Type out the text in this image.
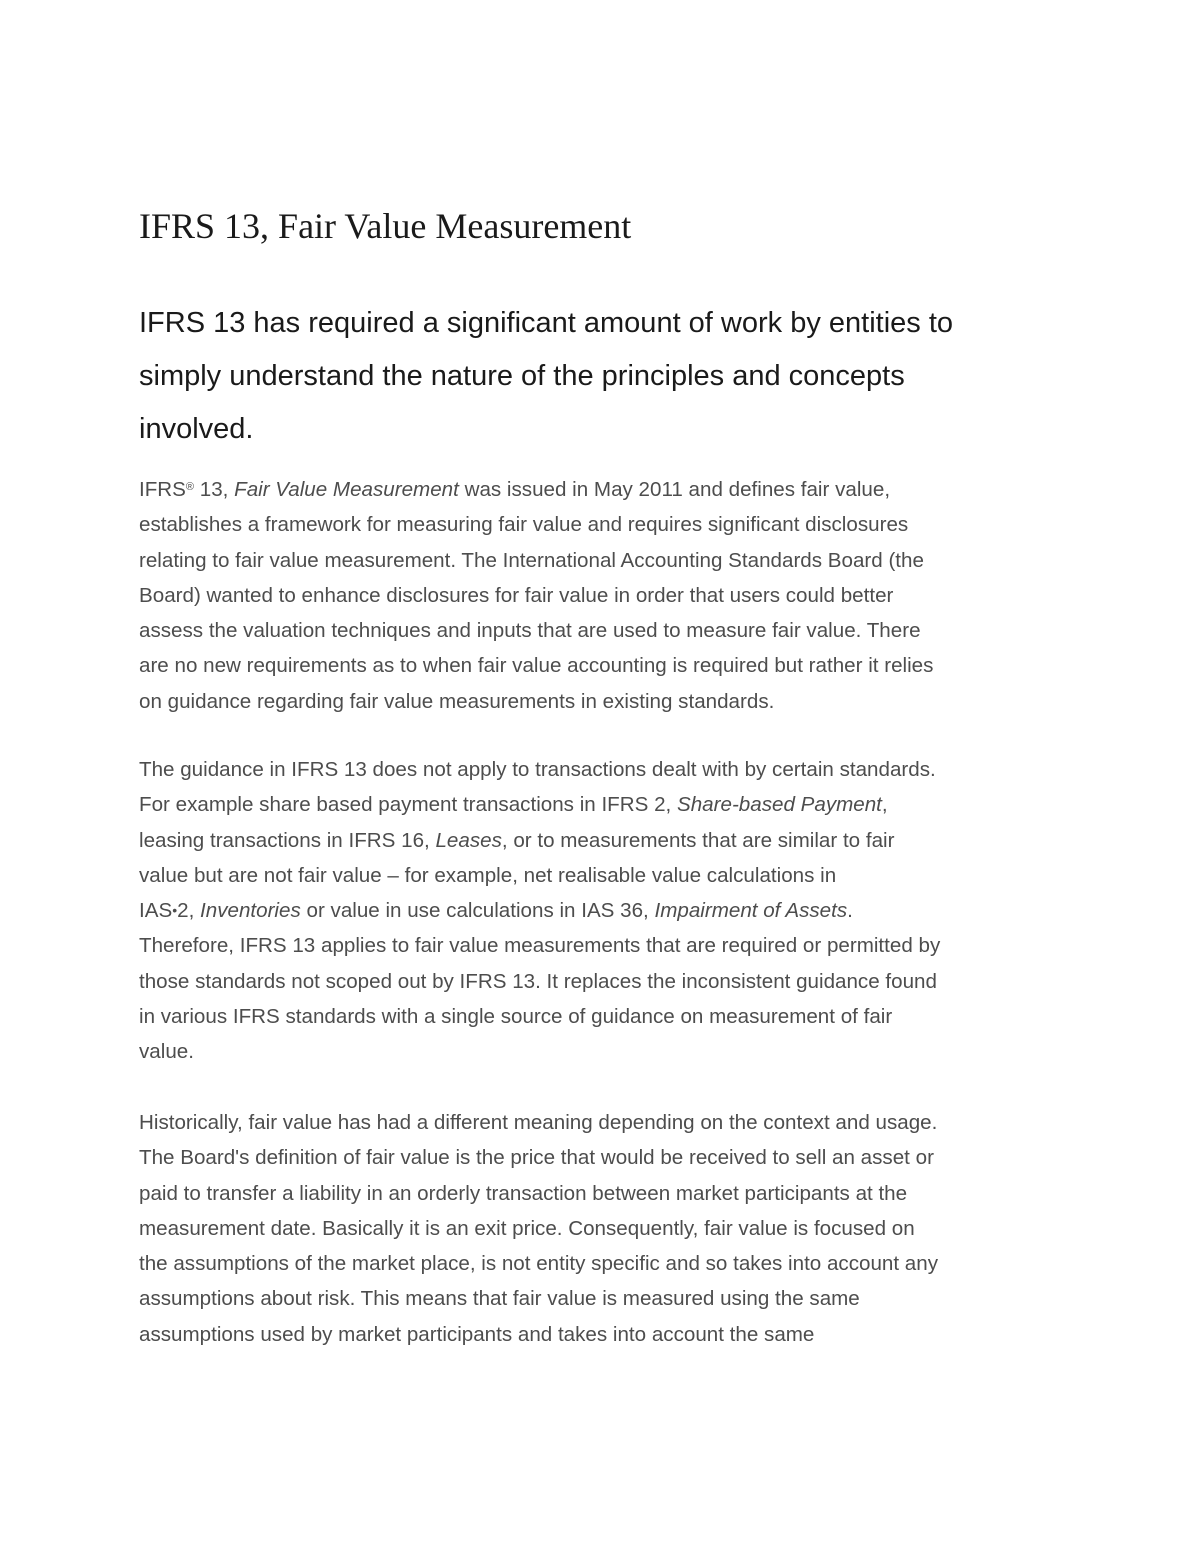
IFRS 13, Fair Value Measurement
IFRS 13 has required a significant amount of work by entities to
simply understand the nature of the principles and concepts
involved.

IFRS® 13, Fair Value Measurement was issued in May 2011 and defines fair value,
establishes a framework for measuring fair value and requires significant disclosures
relating to fair value measurement. The International Accounting Standards Board (the
Board) wanted to enhance disclosures for fair value in order that users could better
assess the valuation techniques and inputs that are used to measure fair value. There
are no new requirements as to when fair value accounting is required but rather it relies
on guidance regarding fair value measurements in existing standards.

The guidance in IFRS 13 does not apply to transactions dealt with by certain standards.
For example share based payment transactions in IFRS 2, Share-based Payment,
leasing transactions in IFRS 16, Leases, or to measurements that are similar to fair
value but are not fair value – for example, net realisable value calculations in
IAS•2, Inventories or value in use calculations in IAS 36, Impairment of Assets.
Therefore, IFRS 13 applies to fair value measurements that are required or permitted by
those standards not scoped out by IFRS 13. It replaces the inconsistent guidance found
in various IFRS standards with a single source of guidance on measurement of fair
value.

Historically, fair value has had a different meaning depending on the context and usage.
The Board's definition of fair value is the price that would be received to sell an asset or
paid to transfer a liability in an orderly transaction between market participants at the
measurement date. Basically it is an exit price. Consequently, fair value is focused on
the assumptions of the market place, is not entity specific and so takes into account any
assumptions about risk. This means that fair value is measured using the same
assumptions used by market participants and takes into account the same
